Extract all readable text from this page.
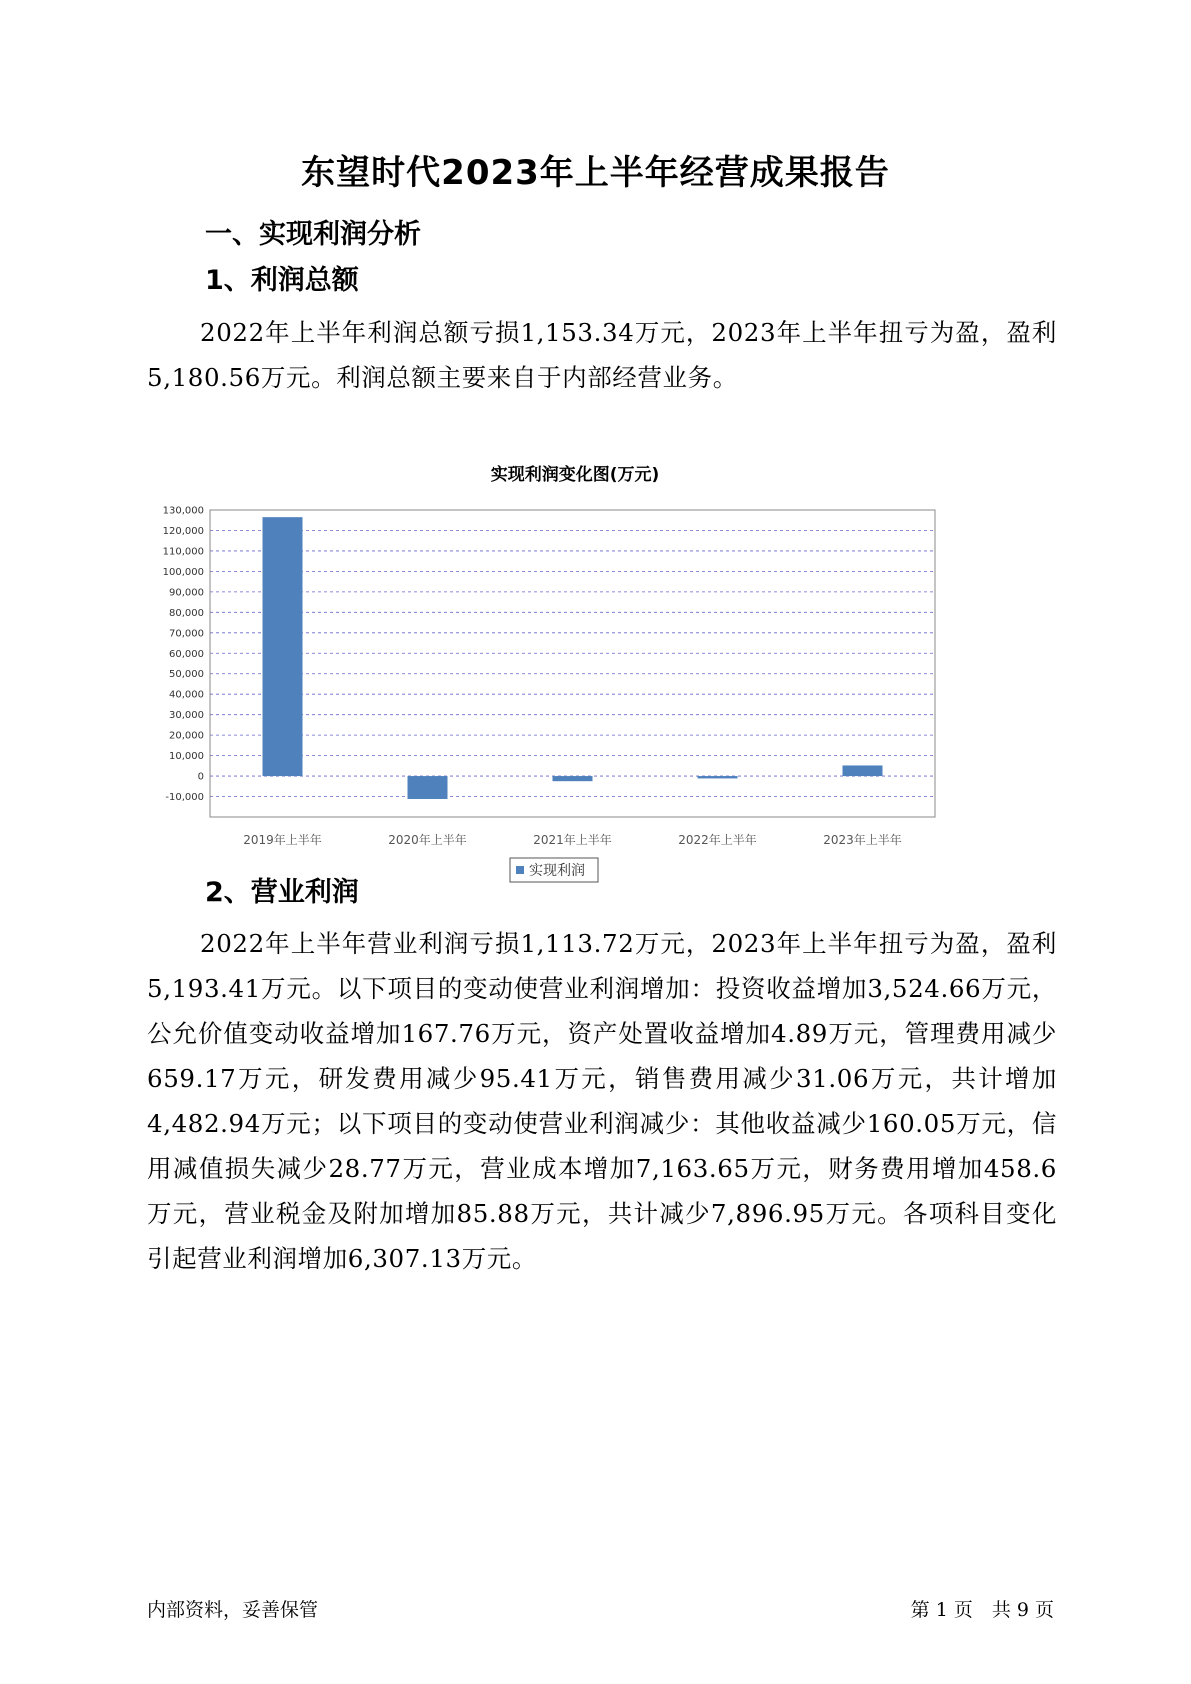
东望时代2023年上半年经营成果报告
一、实现利润分析
1、利润总额
2022年上半年利润总额亏损1,153.34万元，2023年上半年扭亏为盈，盈利5,180.56万元。利润总额主要来自于内部经营业务。
实现利润变化图(万元)
-10,000
0
10,000
20,000
30,000
40,000
50,000
60,000
70,000
80,000
90,000
100,000
110,000
120,000
130,000
2019年上半年	2020年上半年	2021年上半年	2022年上半年	2023年上半年
实现利润
2、营业利润
2022年上半年营业利润亏损1,113.72万元，2023年上半年扭亏为盈，盈利5,193.41万元。以下项目的变动使营业利润增加：投资收益增加3,524.66万元，公允价值变动收益增加167.76万元，资产处置收益增加4.89万元，管理费用减少659.17万元，研发费用减少95.41万元，销售费用减少31.06万元，共计增加4,482.94万元；以下项目的变动使营业利润减少：其他收益减少160.05万元，信用减值损失减少28.77万元，营业成本增加7,163.65万元，财务费用增加458.6万元，营业税金及附加增加85.88万元，共计减少7,896.95万元。各项科目变化引起营业利润增加6,307.13万元。
内部资料，妥善保管	第 1 页　共 9 页
